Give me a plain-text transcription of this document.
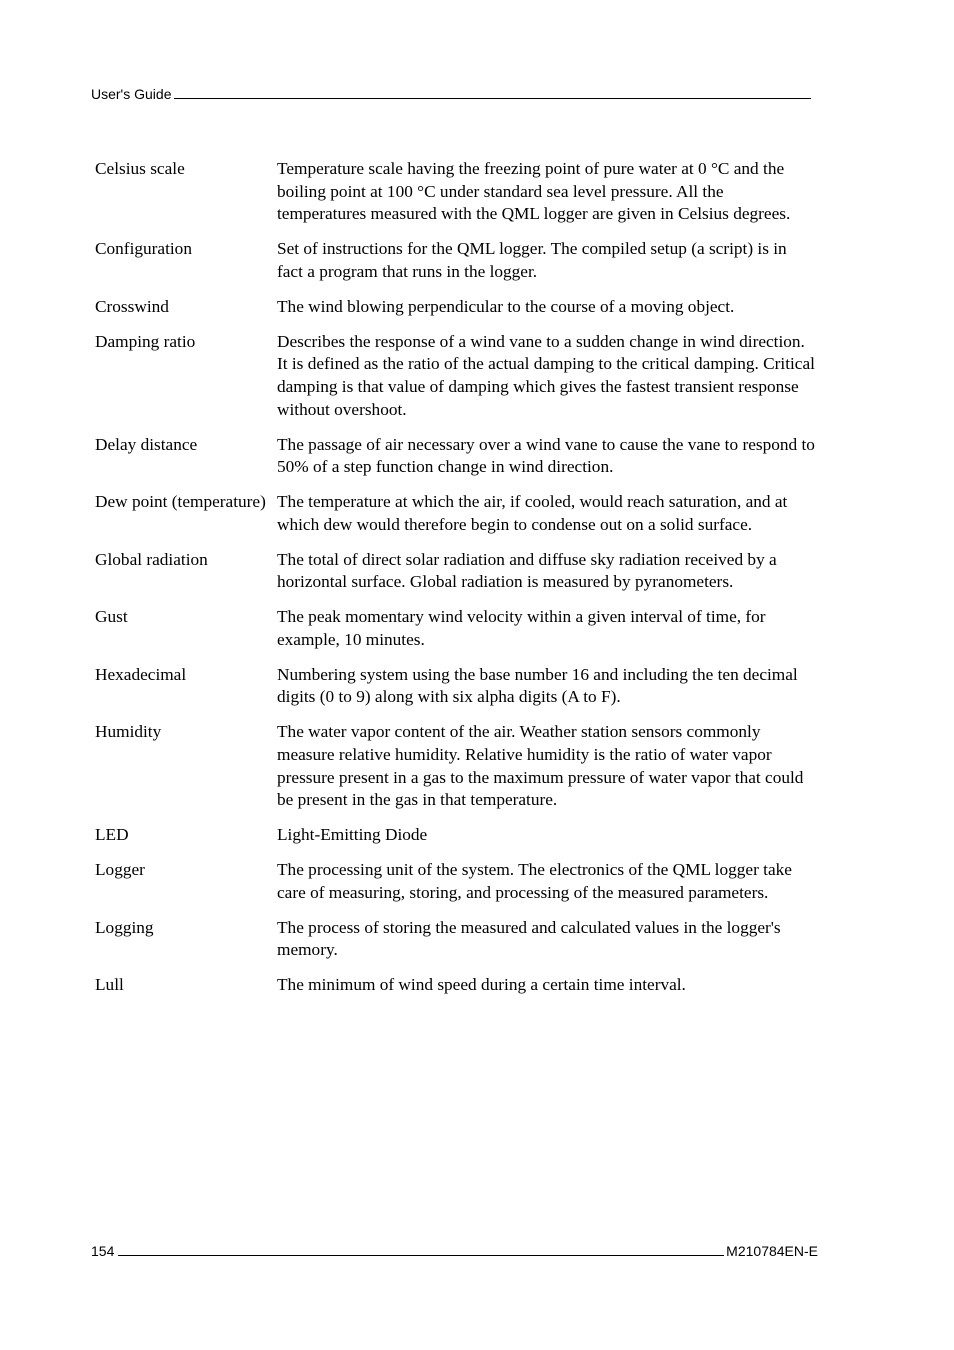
User's Guide
Celsius scale	Temperature scale having the freezing point of pure water at 0 °C and the boiling point at 100 °C under standard sea level pressure. All the temperatures measured with the QML logger are given in Celsius degrees.
Configuration	Set of instructions for the QML logger. The compiled setup (a script) is in fact a program that runs in the logger.
Crosswind	The wind blowing perpendicular to the course of a moving object.
Damping ratio	Describes the response of a wind vane to a sudden change in wind direction. It is defined as the ratio of the actual damping to the critical damping. Critical damping is that value of damping which gives the fastest transient response without overshoot.
Delay distance	The passage of air necessary over a wind vane to cause the vane to respond to 50% of a step function change in wind direction.
Dew point (temperature) The temperature at which the air, if cooled, would reach saturation, and at which dew would therefore begin to condense out on a solid surface.
Global radiation	The total of direct solar radiation and diffuse sky radiation received by a horizontal surface. Global radiation is measured by pyranometers.
Gust	The peak momentary wind velocity within a given interval of time, for example, 10 minutes.
Hexadecimal	Numbering system using the base number 16 and including the ten decimal digits (0 to 9) along with six alpha digits (A to F).
Humidity	The water vapor content of the air. Weather station sensors commonly measure relative humidity. Relative humidity is the ratio of water vapor pressure present in a gas to the maximum pressure of water vapor that could be present in the gas in that temperature.
LED	Light-Emitting Diode
Logger	The processing unit of the system. The electronics of the QML logger take care of measuring, storing, and processing of the measured parameters.
Logging	The process of storing the measured and calculated values in the logger's memory.
Lull	The minimum of wind speed during a certain time interval.
154	M210784EN-E
